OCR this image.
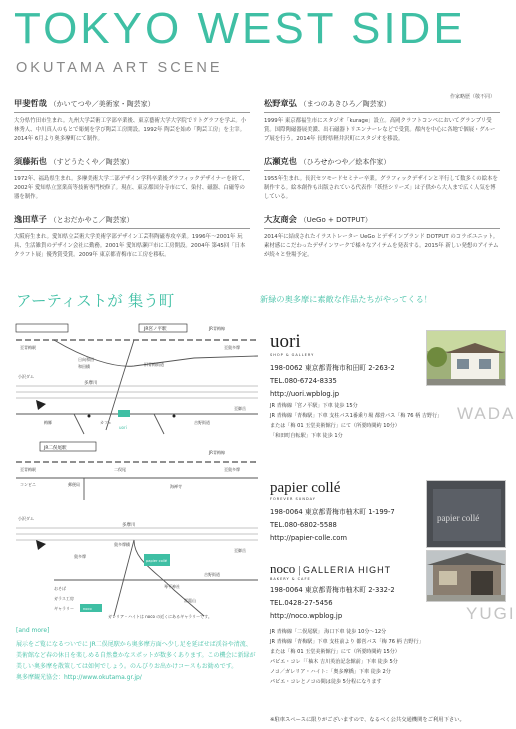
TOKYO WEST SIDE
OKUTAMA ART SCENE
作家略歴（敬不同）
甲斐哲哉 （かいてつや／美術家・陶芸家）
大分県竹田市生まれ。九州大学芸術工学部卒業後、東京藝術大学大学院でリトグラフを学ぶ。小林秀人、中川真人のもとで彫刻を学び陶芸工房開設。1992年 陶芸を始め「陶芸工房」を主宰。2014年 6月より奥多摩町にて制作。
松野章弘 （まつのあきひろ／陶芸家）
1999年 東京都福生市にスタジオ「kurage」設立。高岡クラフトコンペにおいてグランプリ受賞。国際陶磁器展美濃、出石磁器トリエンナーレなどで受賞。都内を中心に各地で個展・グループ展を行う。2014年 長野県軽井沢町にスタジオを移設。
須藤拓也 （すどうたくや／陶芸家）
1972年、福島県生まれ。多摩美術大学二部デザイン学科卒業後グラフィックデザイナーを経て、2002年 愛知県立窯業高等技術専門校修了。現在、東京都国分寺市にて、染付、磁器、白磁等の器を制作。
広瀬克也 （ひろせかつや／絵本作家）
1955年生まれ。長沢セツモードセミナー卒業。グラフィックデザインと平行して数多くの絵本を制作する。絵本創作も出版されている代表作「妖怪シリーズ」は子供から大人まで広く人気を博している。
逸田草子 （とおだかやこ／陶芸家）
大阪府生まれ。愛知県立芸術大学美術学部デザイン工芸科陶磁専攻卒業。1996年～2001年 玩具、生活雑貨のデザイン会社に勤務。2001年 愛知県瀬戸市に工房開設。2004年 第45回「日本クラフト展」優秀賞受賞。2009年 東京都青梅市に工房を移転。
大友商会 （UeGo + DOTPUT）
2014年に結成されたイラストレーター UeGo とデザインブランド DOTPUT のコラボユニット。素材感にこだわったデザインワークで様々なアイテムを発表する。2015年 新しい発想のアイテムが続々と登場予定。
アーティストが 集う町	新緑の奥多摩に素敵な作品たちがやってくる！
至青梅駅	至奥多摩
和田橋
日向和田
多摩川
小沢ダム
至御岳
梅郷	カフェ
uori
吉野街道
JR青梅線
旧青梅街道
JR宮ノ平駅
至青梅駅	至奥多摩
コンビニ	郵便局	海禅寺
小沢ダム
多摩川
奥多摩橋
奥多摩
吉野街道
琴平神社
至御岳
おそば
雷電山
JR青梅線
papier collé
noco
二俣尾
ガラス工房
ギャラリー
JR二俣尾駅
ガレリア・ハイトは noco の近くにあるギャラリーです。
uori
SHOP & GALLERY
198-0062 東京都青梅市和田町 2-263-2
TEL.080-6724-8335
http://uori.wpblog.jp
JR 青梅線「宮ノ平駅」下車 徒歩 15分
JR 青梅線「青梅駅」下車 支柱バス1番乗り場 都営バス「梅 76 柄 吉野行」
または「梅 01 玉堂美術館行」にて（所要時間約 10分）
「和田町自転駅」下車 徒歩 1分
WADA
papier collé
FOREVER SUNDAY
198-0064 東京都青梅市柚木町 1-199-7
TEL.080-6802-5588
http://papier-colle.com
papier collé
noco | GALLERIA HIGHT
BAKERY & CAFE
198-0064 東京都青梅市柚木町 2-332-2
TEL.0428-27-5456
http://noco.wpblog.jp	YUGI
JR 青梅線「二俣尾駅」 海口下車 徒歩 10分～12分
JR 青梅線「青梅駅」下車 支柱前より 都営バス「梅 76 柄 吉野行」
または「梅 01 玉堂美術館行」にて（所要時間約 15分）
パピエ・コレ「「柚木 吉川英治記念館前」下車 徒歩 5分
ノコ／ガレリア・ハイト：「奥多摩橋」下車 徒歩 2分
パピエ・コレとノコの間は徒歩 5分程になります
[and more]
展示をご覧になるついでに JR二俣尾駅から奥多摩方面へ少し足を延ばせば渓谷や清流、美術館など春の休日を楽しめる自然豊かなスポットが数多くあります。この機会に新緑が美しい奥多摩を散策しては如何でしょう。のんびりお出かけコースもお勧めです。
奥多摩観光協会：http://www.okutama.gr.jp/
※駐車スペースに限りがございますので、なるべく公共交通機関をご利用下さい。
